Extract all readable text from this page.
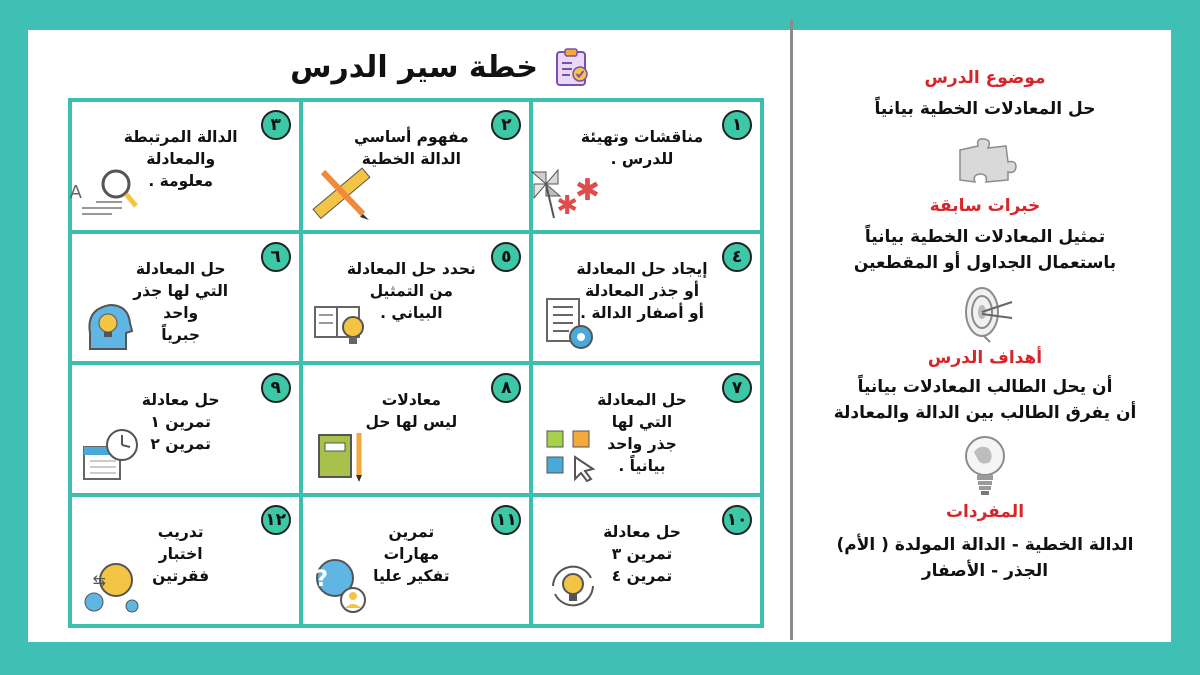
خطة سير الدرس
١
مناقشات وتهيئة
للدرس .
✱
✱
٢
مفهوم أساسي
الدالة الخطية
٣
الدالة المرتبطة
والمعادلة
معلومة .
A
٤
إيجاد حل المعادلة
أو جذر المعادلة
أو أصفار الدالة .
٥
نحدد حل المعادلة
من التمثيل
البياني .
٦
حل المعادلة
التي لها جذر
واحد
جبرياً
٧
حل المعادلة
التي لها
جذر واحد
بيانياً .
٨
معادلات
ليس لها حل
٩
حل معادلة
تمرين ١
تمرين ٢
١٠
حل معادلة
تمرين ٣
تمرين ٤
١١
تمرين
مهارات
تفكير عليا
?
١٢
تدريب
اختبار
فقرتين
⇆

موضوع الدرس

حل المعادلات الخطية بيانياً

خبرات سابقة

تمثيل المعادلات الخطية بيانياً

باستعمال الجداول أو المقطعين

أهداف الدرس

أن يحل الطالب المعادلات بيانياً

أن يفرق الطالب بين الدالة والمعادلة

المفردات

الدالة الخطية - الدالة المولدة ( الأم)

الجذر - الأصفار
